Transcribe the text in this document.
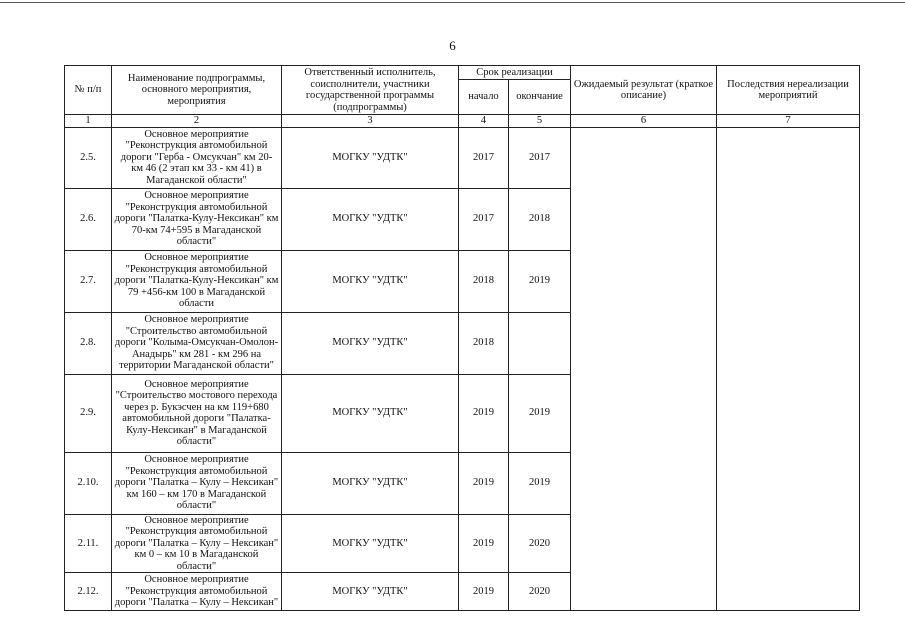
6
№ п/п	Наименование подпрограммы, основного мероприятия, мероприятия	Ответственный исполнитель, соисполнители, участники государственной программы (подпрограммы)	Срок реализации		Ожидаемый результат (краткое описание)	Последствия нереализации мероприятий
			начало	окончание		
1	2	3	4	5	6	7
2.5.	Основное мероприятие "Реконструкция автомобильной дороги "Герба - Омсукчан" км 20- км 46 (2 этап км 33 - км 41) в Магаданской области"	МОГКУ "УДТК"	2017	2017		
2.6.	Основное мероприятие "Реконструкция автомобильной дороги "Палатка-Кулу-Нексикан" км 70-км 74+595 в Магаданской области"	МОГКУ "УДТК"	2017	2018		
2.7.	Основное мероприятие "Реконструкция автомобильной дороги "Палатка-Кулу-Нексикан" км 79 +456-км 100 в Магаданской области	МОГКУ "УДТК"	2018	2019		
2.8.	Основное мероприятие "Строительство автомобильной дороги "Колыма-Омсукчан-Омолон-Анадырь" км 281 - км 296 на территории Магаданской области"	МОГКУ "УДТК"	2018			
2.9.	Основное мероприятие "Строительство мостового перехода через р. Букэсчен на км 119+680 автомобильной дороги "Палатка-Кулу-Нексикан" в Магаданской области"	МОГКУ "УДТК"	2019	2019		
2.10.	Основное мероприятие "Реконструкция автомобильной дороги "Палатка – Кулу – Нексикан" км 160 – км 170 в Магаданской области"	МОГКУ "УДТК"	2019	2019		
2.11.	Основное мероприятие "Реконструкция автомобильной дороги "Палатка – Кулу – Нексикан" км 0 – км 10 в Магаданской области"	МОГКУ "УДТК"	2019	2020		
2.12.	Основное мероприятие "Реконструкция автомобильной дороги "Палатка – Кулу – Нексикан"	МОГКУ "УДТК"	2019	2020		
